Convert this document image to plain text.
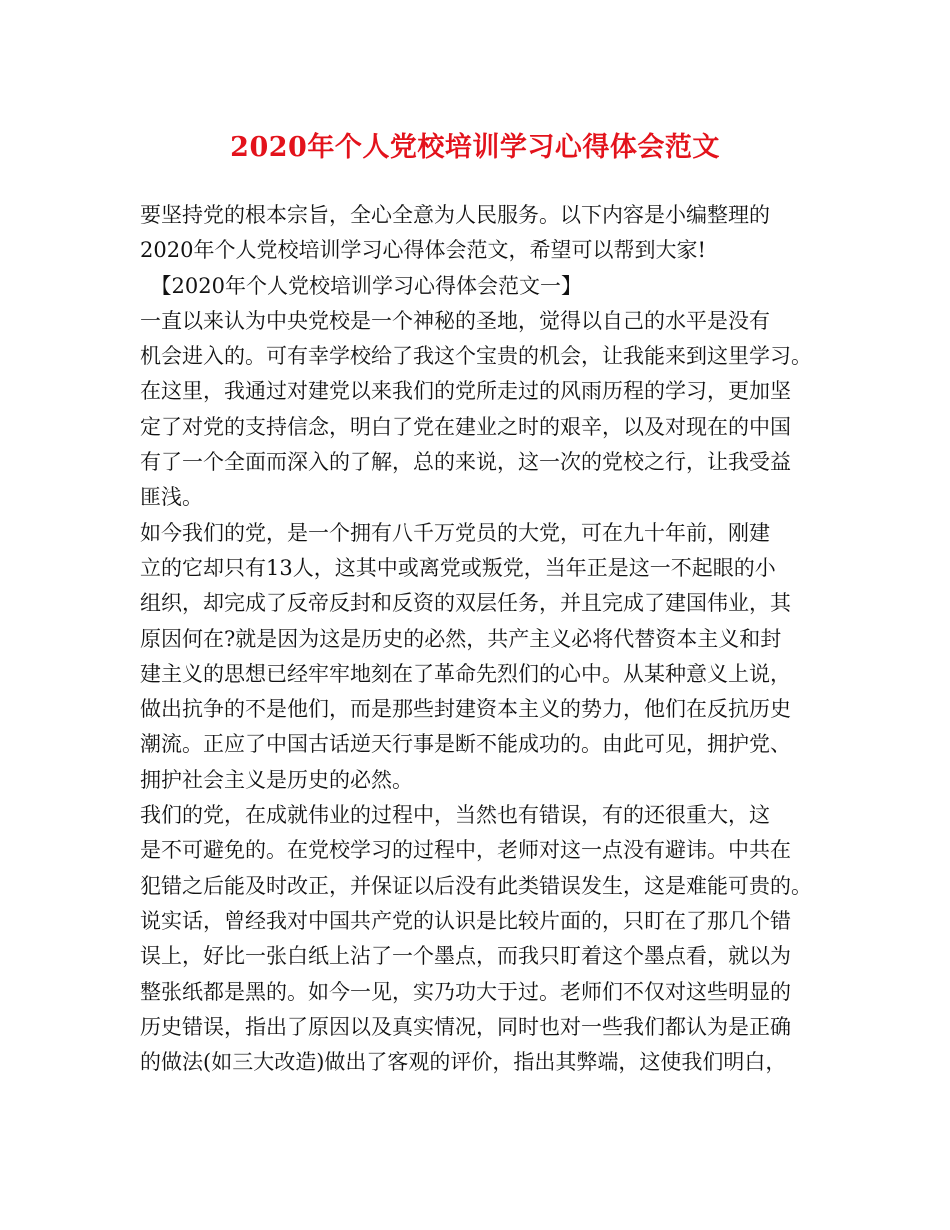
2020年个人党校培训学习心得体会范文
要坚持党的根本宗旨，全心全意为人民服务。以下内容是小编整理的
2020年个人党校培训学习心得体会范文，希望可以帮到大家!
　【2020年个人党校培训学习心得体会范文一】
一直以来认为中央党校是一个神秘的圣地，觉得以自己的水平是没有
机会进入的。可有幸学校给了我这个宝贵的机会，让我能来到这里学习。
在这里，我通过对建党以来我们的党所走过的风雨历程的学习，更加坚
定了对党的支持信念，明白了党在建业之时的艰辛，以及对现在的中国
有了一个全面而深入的了解，总的来说，这一次的党校之行，让我受益
匪浅。
如今我们的党，是一个拥有八千万党员的大党，可在九十年前，刚建
立的它却只有13人，这其中或离党或叛党，当年正是这一不起眼的小
组织，却完成了反帝反封和反资的双层任务，并且完成了建国伟业，其
原因何在?就是因为这是历史的必然，共产主义必将代替资本主义和封
建主义的思想已经牢牢地刻在了革命先烈们的心中。从某种意义上说，
做出抗争的不是他们，而是那些封建资本主义的势力，他们在反抗历史
潮流。正应了中国古话逆天行事是断不能成功的。由此可见，拥护党、
拥护社会主义是历史的必然。
我们的党，在成就伟业的过程中，当然也有错误，有的还很重大，这
是不可避免的。在党校学习的过程中，老师对这一点没有避讳。中共在
犯错之后能及时改正，并保证以后没有此类错误发生，这是难能可贵的。
说实话，曾经我对中国共产党的认识是比较片面的，只盯在了那几个错
误上，好比一张白纸上沾了一个墨点，而我只盯着这个墨点看，就以为
整张纸都是黑的。如今一见，实乃功大于过。老师们不仅对这些明显的
历史错误，指出了原因以及真实情况，同时也对一些我们都认为是正确
的做法(如三大改造)做出了客观的评价，指出其弊端，这使我们明白，
